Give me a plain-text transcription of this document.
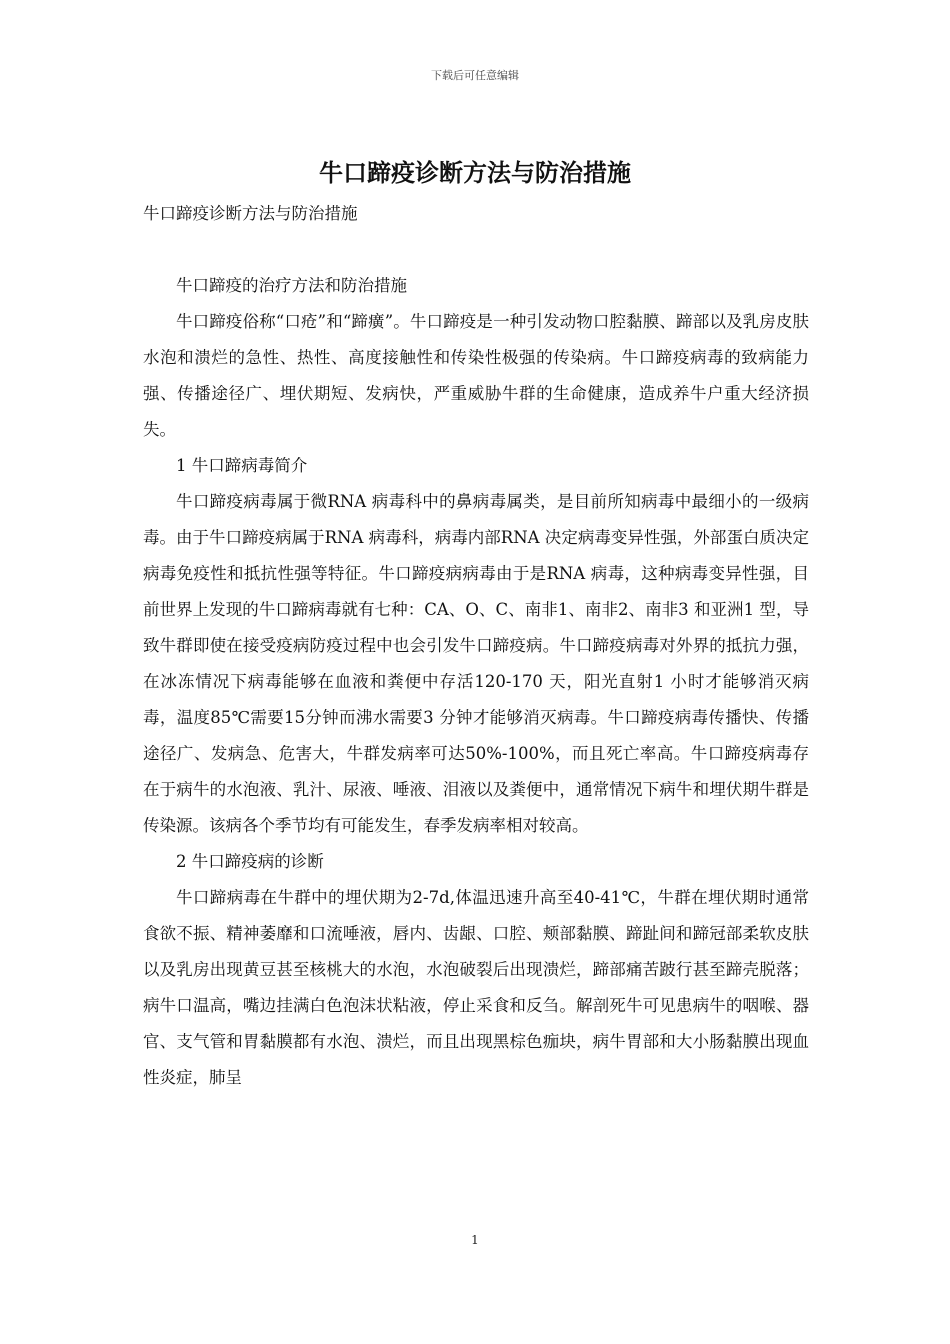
下载后可任意编辑
牛口蹄疫诊断方法与防治措施

牛口蹄疫诊断方法与防治措施

牛口蹄疫的治疗方法和防治措施

牛口蹄疫俗称“口疮”和“蹄癀”。牛口蹄疫是一种引发动物口腔黏膜、蹄部以及乳房皮肤水泡和溃烂的急性、热性、高度接触性和传染性极强的传染病。牛口蹄疫病毒的致病能力强、传播途径广、埋伏期短、发病快，严重威胁牛群的生命健康，造成养牛户重大经济损失。

1 牛口蹄病毒简介

牛口蹄疫病毒属于微RNA 病毒科中的鼻病毒属类，是目前所知病毒中最细小的一级病毒。由于牛口蹄疫病属于RNA 病毒科，病毒内部RNA 决定病毒变异性强，外部蛋白质决定病毒免疫性和抵抗性强等特征。牛口蹄疫病病毒由于是RNA 病毒，这种病毒变异性强，目前世界上发现的牛口蹄病毒就有七种：CA、O、C、南非1、南非2、南非3 和亚洲1 型，导致牛群即使在接受疫病防疫过程中也会引发牛口蹄疫病。牛口蹄疫病毒对外界的抵抗力强，在冰冻情况下病毒能够在血液和粪便中存活120-170 天，阳光直射1 小时才能够消灭病毒，温度85℃需要15分钟而沸水需要3 分钟才能够消灭病毒。牛口蹄疫病毒传播快、传播途径广、发病急、危害大，牛群发病率可达50%-100%，而且死亡率高。牛口蹄疫病毒存在于病牛的水泡液、乳汁、尿液、唾液、泪液以及粪便中，通常情况下病牛和埋伏期牛群是传染源。该病各个季节均有可能发生，春季发病率相对较高。

2 牛口蹄疫病的诊断

牛口蹄病毒在牛群中的埋伏期为2-7d,体温迅速升高至40-41℃，牛群在埋伏期时通常食欲不振、精神萎靡和口流唾液，唇内、齿龈、口腔、颊部黏膜、蹄趾间和蹄冠部柔软皮肤以及乳房出现黄豆甚至核桃大的水泡，水泡破裂后出现溃烂，蹄部痛苦跛行甚至蹄壳脱落；病牛口温高，嘴边挂满白色泡沫状粘液，停止采食和反刍。解剖死牛可见患病牛的咽喉、器官、支气管和胃黏膜都有水泡、溃烂，而且出现黑棕色痂块，病牛胃部和大小肠黏膜出现血性炎症，肺呈

1
